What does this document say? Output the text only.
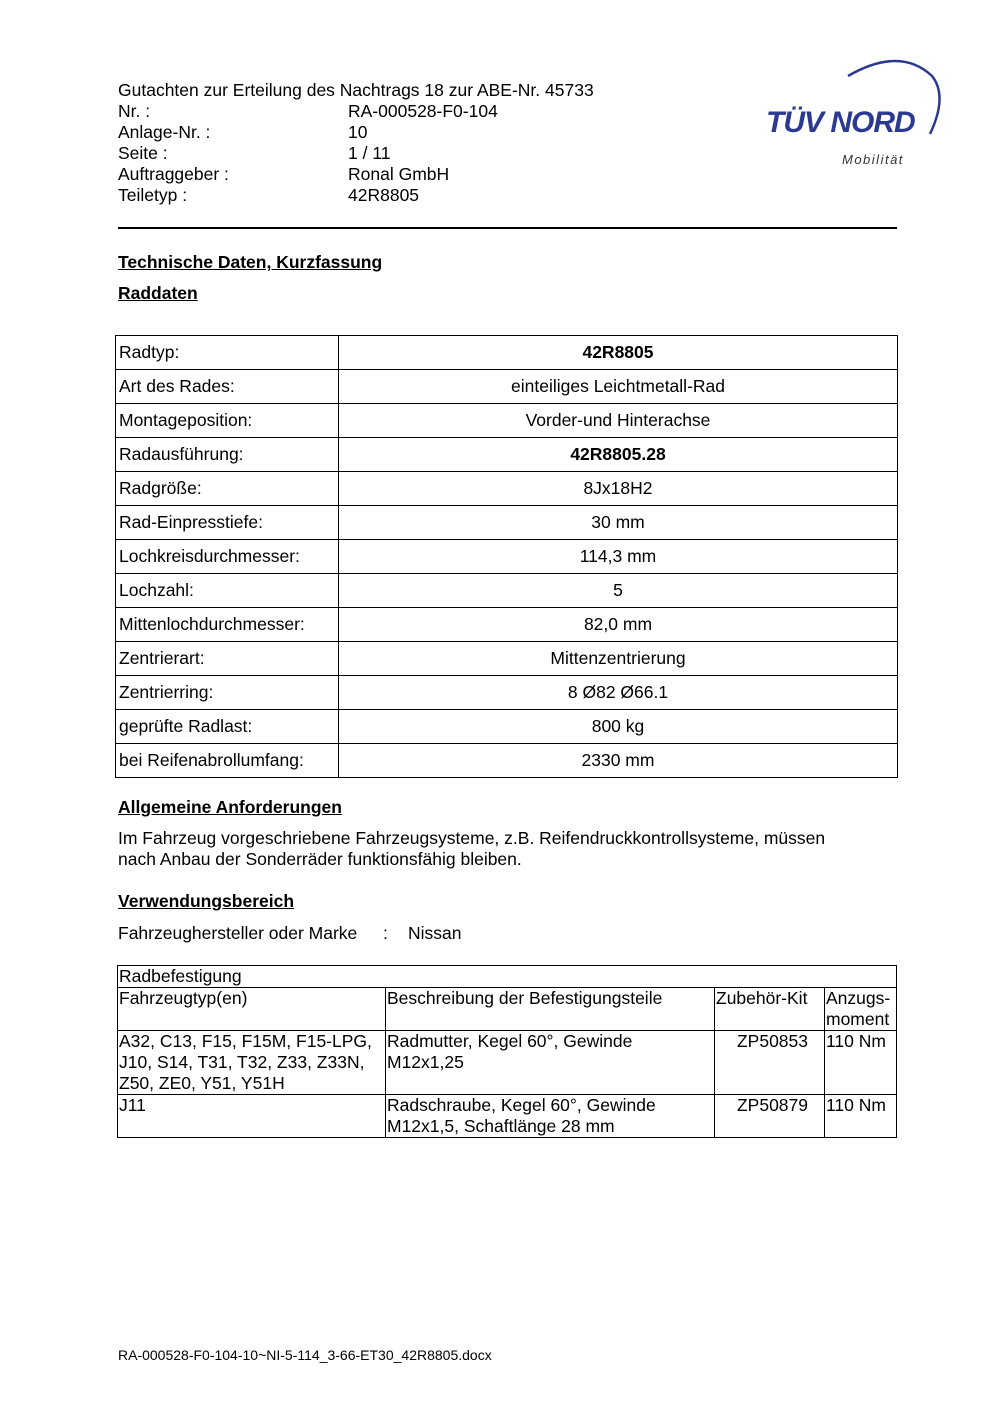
Gutachten zur Erteilung des Nachtrags 18 zur ABE-Nr. 45733
Nr. :	RA-000528-F0-104
Anlage-Nr. :	10
Seite :	1 / 11
Auftraggeber :	Ronal GmbH
Teiletyp :	42R8805
TÜV NORD
Mobilität
Technische Daten, Kurzfassung
Raddaten
Radtyp:	42R8805
Art des Rades:	einteiliges Leichtmetall-Rad
Montageposition:	Vorder-und Hinterachse
Radausführung:	42R8805.28
Radgröße:	8Jx18H2
Rad-Einpresstiefe:	30 mm
Lochkreisdurchmesser:	114,3 mm
Lochzahl:	5
Mittenlochdurchmesser:	82,0 mm
Zentrierart:	Mittenzentrierung
Zentrierring:	8 Ø82 Ø66.1
geprüfte Radlast:	800 kg
bei Reifenabrollumfang:	2330 mm
Allgemeine Anforderungen
Im Fahrzeug vorgeschriebene Fahrzeugsysteme, z.B. Reifendruckkontrollsysteme, müssen
nach Anbau der Sonderräder funktionsfähig bleiben.
Verwendungsbereich
Fahrzeughersteller oder Marke : Nissan
Radbefestigung			
Fahrzeugtyp(en)	Beschreibung der Befestigungsteile	Zubehör-Kit	Anzugs-
moment
A32, C13, F15, F15M, F15-LPG,
J10, S14, T31, T32, Z33, Z33N,
Z50, ZE0, Y51, Y51H	Radmutter, Kegel 60°, Gewinde
M12x1,25	ZP50853	110 Nm
J11	Radschraube, Kegel 60°, Gewinde
M12x1,5, Schaftlänge 28 mm	ZP50879	110 Nm
RA-000528-F0-104-10~NI-5-114_3-66-ET30_42R8805.docx
